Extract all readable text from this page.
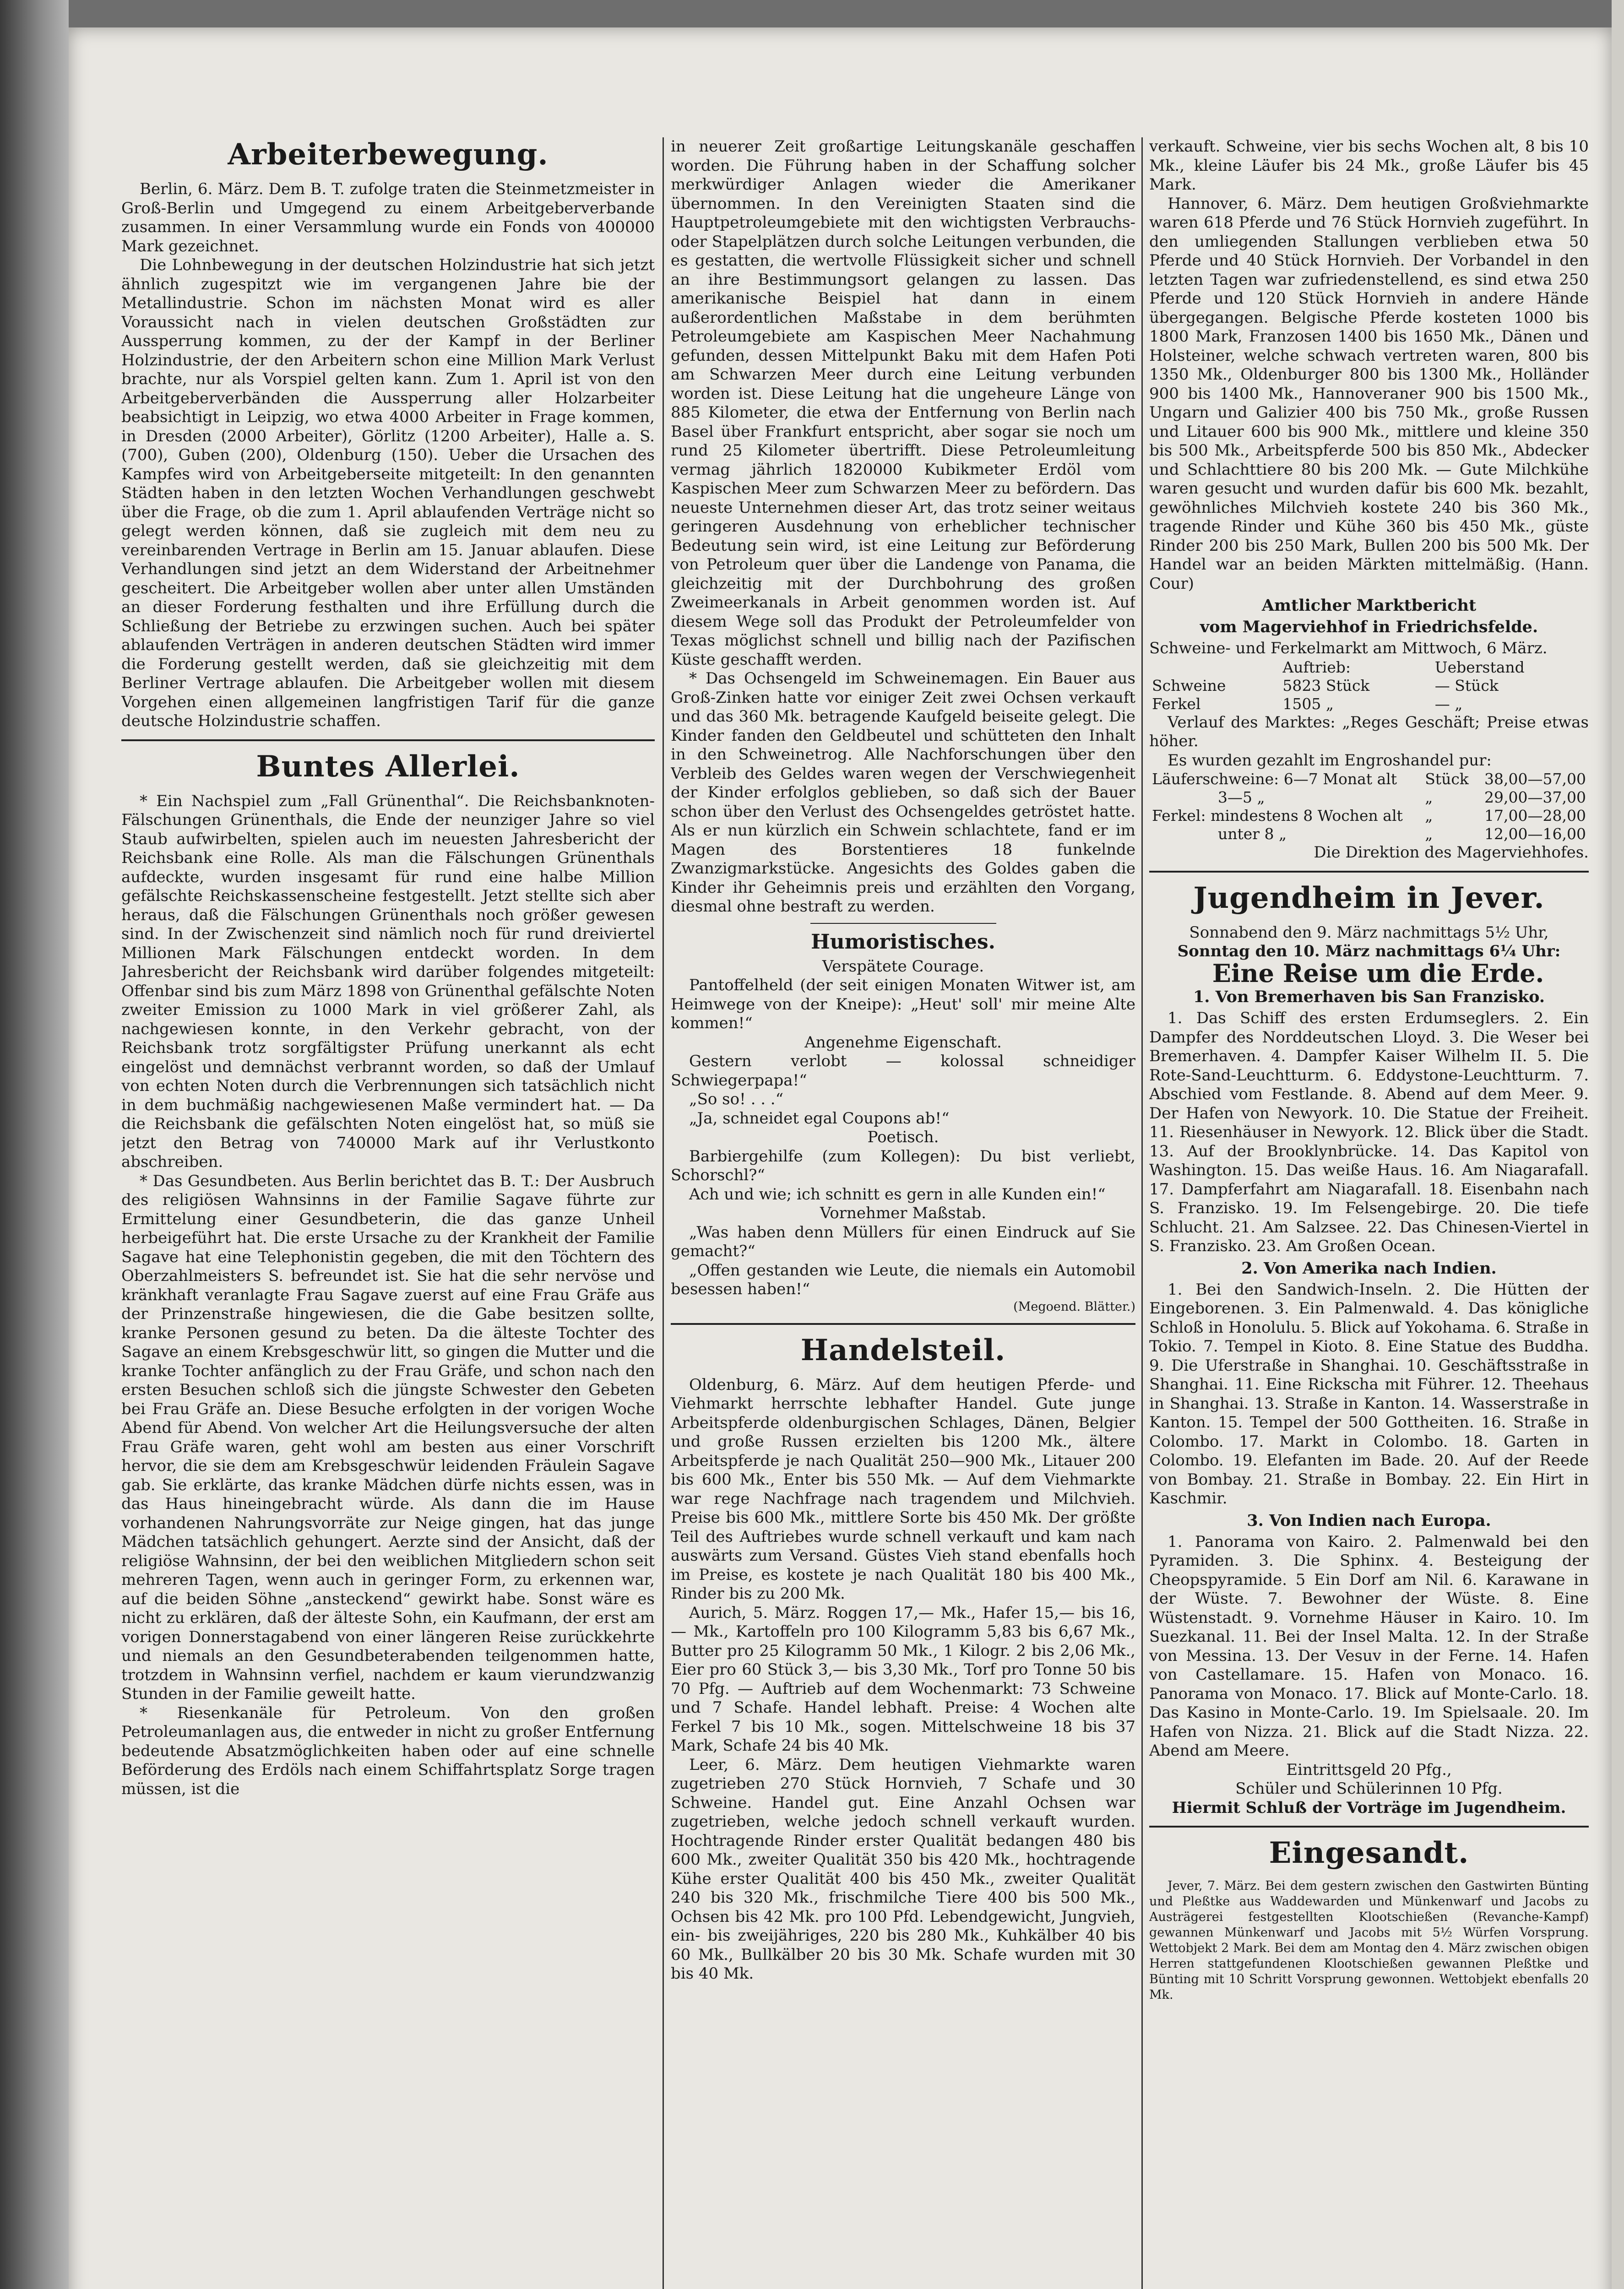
Arbeiterbewegung.

Berlin, 6. März. Dem B. T. zufolge traten die Steinmetzmeister in Groß-Berlin und Umgegend zu einem Arbeitgeberverbande zusammen. In einer Versammlung wurde ein Fonds von 400000 Mark gezeichnet.

Die Lohnbewegung in der deutschen Holzindustrie hat sich jetzt ähnlich zugespitzt wie im vergangenen Jahre bie der Metallindustrie. Schon im nächsten Monat wird es aller Voraussicht nach in vielen deutschen Großstädten zur Aussperrung kommen, zu der der Kampf in der Berliner Holzindustrie, der den Arbeitern schon eine Million Mark Verlust brachte, nur als Vorspiel gelten kann. Zum 1. April ist von den Arbeitgeberverbänden die Aussperrung aller Holzarbeiter beabsichtigt in Leipzig, wo etwa 4000 Arbeiter in Frage kommen, in Dresden (2000 Arbeiter), Görlitz (1200 Arbeiter), Halle a. S. (700), Guben (200), Oldenburg (150). Ueber die Ursachen des Kampfes wird von Arbeitgeberseite mitgeteilt: In den genannten Städten haben in den letzten Wochen Verhandlungen geschwebt über die Frage, ob die zum 1. April ablaufenden Verträge nicht so gelegt werden können, daß sie zugleich mit dem neu zu vereinbarenden Vertrage in Berlin am 15. Januar ablaufen. Diese Verhandlungen sind jetzt an dem Widerstand der Arbeitnehmer gescheitert. Die Arbeitgeber wollen aber unter allen Umständen an dieser Forderung festhalten und ihre Erfüllung durch die Schließung der Betriebe zu erzwingen suchen. Auch bei später ablaufenden Verträgen in anderen deutschen Städten wird immer die Forderung gestellt werden, daß sie gleichzeitig mit dem Berliner Vertrage ablaufen. Die Arbeitgeber wollen mit diesem Vorgehen einen allgemeinen langfristigen Tarif für die ganze deutsche Holzindustrie schaffen.

Buntes Allerlei.

* Ein Nachspiel zum „Fall Grünenthal“. Die Reichsbanknoten-Fälschungen Grünenthals, die Ende der neunziger Jahre so viel Staub aufwirbelten, spielen auch im neuesten Jahresbericht der Reichsbank eine Rolle. Als man die Fälschungen Grünenthals aufdeckte, wurden insgesamt für rund eine halbe Million gefälschte Reichskassenscheine festgestellt. Jetzt stellte sich aber heraus, daß die Fälschungen Grünenthals noch größer gewesen sind. In der Zwischenzeit sind nämlich noch für rund dreiviertel Millionen Mark Fälschungen entdeckt worden. In dem Jahresbericht der Reichsbank wird darüber folgendes mitgeteilt: Offenbar sind bis zum März 1898 von Grünenthal gefälschte Noten zweiter Emission zu 1000 Mark in viel größerer Zahl, als nachgewiesen konnte, in den Verkehr gebracht, von der Reichsbank trotz sorgfältigster Prüfung unerkannt als echt eingelöst und demnächst verbrannt worden, so daß der Umlauf von echten Noten durch die Verbrennungen sich tatsächlich nicht in dem buchmäßig nachgewiesenen Maße vermindert hat. — Da die Reichsbank die gefälschten Noten eingelöst hat, so müß sie jetzt den Betrag von 740000 Mark auf ihr Verlustkonto abschreiben.

* Das Gesundbeten. Aus Berlin berichtet das B. T.: Der Ausbruch des religiösen Wahnsinns in der Familie Sagave führte zur Ermittelung einer Gesundbeterin, die das ganze Unheil herbeigeführt hat. Die erste Ursache zu der Krankheit der Familie Sagave hat eine Telephonistin gegeben, die mit den Töchtern des Oberzahlmeisters S. befreundet ist. Sie hat die sehr nervöse und kränkhaft veranlagte Frau Sagave zuerst auf eine Frau Gräfe aus der Prinzenstraße hingewiesen, die die Gabe besitzen sollte, kranke Personen gesund zu beten. Da die älteste Tochter des Sagave an einem Krebsgeschwür litt, so gingen die Mutter und die kranke Tochter anfänglich zu der Frau Gräfe, und schon nach den ersten Besuchen schloß sich die jüngste Schwester den Gebeten bei Frau Gräfe an. Diese Besuche erfolgten in der vorigen Woche Abend für Abend. Von welcher Art die Heilungsversuche der alten Frau Gräfe waren, geht wohl am besten aus einer Vorschrift hervor, die sie dem am Krebsgeschwür leidenden Fräulein Sagave gab. Sie erklärte, das kranke Mädchen dürfe nichts essen, was in das Haus hineingebracht würde. Als dann die im Hause vorhandenen Nahrungsvorräte zur Neige gingen, hat das junge Mädchen tatsächlich gehungert. Aerzte sind der Ansicht, daß der religiöse Wahnsinn, der bei den weiblichen Mitgliedern schon seit mehreren Tagen, wenn auch in geringer Form, zu erkennen war, auf die beiden Söhne „ansteckend“ gewirkt habe. Sonst wäre es nicht zu erklären, daß der älteste Sohn, ein Kaufmann, der erst am vorigen Donnerstagabend von einer längeren Reise zurückkehrte und niemals an den Gesundbeterabenden teilgenommen hatte, trotzdem in Wahnsinn verfiel, nachdem er kaum vierundzwanzig Stunden in der Familie geweilt hatte.

* Riesenkanäle für Petroleum. Von den großen Petroleumanlagen aus, die entweder in nicht zu großer Entfernung bedeutende Absatzmöglichkeiten haben oder auf eine schnelle Beförderung des Erdöls nach einem Schiffahrtsplatz Sorge tragen müssen, ist die

in neuerer Zeit großartige Leitungskanäle geschaffen worden. Die Führung haben in der Schaffung solcher merkwürdiger Anlagen wieder die Amerikaner übernommen. In den Vereinigten Staaten sind die Hauptpetroleumgebiete mit den wichtigsten Verbrauchs- oder Stapelplätzen durch solche Leitungen verbunden, die es gestatten, die wertvolle Flüssigkeit sicher und schnell an ihre Bestimmungsort gelangen zu lassen. Das amerikanische Beispiel hat dann in einem außerordentlichen Maßstabe in dem berühmten Petroleumgebiete am Kaspischen Meer Nachahmung gefunden, dessen Mittelpunkt Baku mit dem Hafen Poti am Schwarzen Meer durch eine Leitung verbunden worden ist. Diese Leitung hat die ungeheure Länge von 885 Kilometer, die etwa der Entfernung von Berlin nach Basel über Frankfurt entspricht, aber sogar sie noch um rund 25 Kilometer übertrifft. Diese Petroleumleitung vermag jährlich 1820000 Kubikmeter Erdöl vom Kaspischen Meer zum Schwarzen Meer zu befördern. Das neueste Unternehmen dieser Art, das trotz seiner weitaus geringeren Ausdehnung von erheblicher technischer Bedeutung sein wird, ist eine Leitung zur Beförderung von Petroleum quer über die Landenge von Panama, die gleichzeitig mit der Durchbohrung des großen Zweimeerkanals in Arbeit genommen worden ist. Auf diesem Wege soll das Produkt der Petroleumfelder von Texas möglichst schnell und billig nach der Pazifischen Küste geschafft werden.

* Das Ochsengeld im Schweinemagen. Ein Bauer aus Groß-Zinken hatte vor einiger Zeit zwei Ochsen verkauft und das 360 Mk. betragende Kaufgeld beiseite gelegt. Die Kinder fanden den Geldbeutel und schütteten den Inhalt in den Schweinetrog. Alle Nachforschungen über den Verbleib des Geldes waren wegen der Verschwiegenheit der Kinder erfolglos geblieben, so daß sich der Bauer schon über den Verlust des Ochsengeldes getröstet hatte. Als er nun kürzlich ein Schwein schlachtete, fand er im Magen des Borstentieres 18 funkelnde Zwanzigmarkstücke. Angesichts des Goldes gaben die Kinder ihr Geheimnis preis und erzählten den Vorgang, diesmal ohne bestraft zu werden.

Humoristisches.

Verspätete Courage.

Pantoffelheld (der seit einigen Monaten Witwer ist, am Heimwege von der Kneipe): „Heut' soll' mir meine Alte kommen!“

Angenehme Eigenschaft.

Gestern verlobt — kolossal schneidiger Schwiegerpapa!“

„So so! . . .“

„Ja, schneidet egal Coupons ab!“

Poetisch.

Barbiergehilfe (zum Kollegen): Du bist verliebt, Schorschl?“

Ach und wie; ich schnitt es gern in alle Kunden ein!“

Vornehmer Maßstab.

„Was haben denn Müllers für einen Eindruck auf Sie gemacht?“

„Offen gestanden wie Leute, die niemals ein Automobil besessen haben!“

(Megoend. Blätter.)

Handelsteil.

Oldenburg, 6. März. Auf dem heutigen Pferde- und Viehmarkt herrschte lebhafter Handel. Gute junge Arbeitspferde oldenburgischen Schlages, Dänen, Belgier und große Russen erzielten bis 1200 Mk., ältere Arbeitspferde je nach Qualität 250—900 Mk., Litauer 200 bis 600 Mk., Enter bis 550 Mk. — Auf dem Viehmarkte war rege Nachfrage nach tragendem und Milchvieh. Preise bis 600 Mk., mittlere Sorte bis 450 Mk. Der größte Teil des Auftriebes wurde schnell verkauft und kam nach auswärts zum Versand. Güstes Vieh stand ebenfalls hoch im Preise, es kostete je nach Qualität 180 bis 400 Mk., Rinder bis zu 200 Mk.

Aurich, 5. März. Roggen 17,— Mk., Hafer 15,— bis 16,— Mk., Kartoffeln pro 100 Kilogramm 5,83 bis 6,67 Mk., Butter pro 25 Kilogramm 50 Mk., 1 Kilogr. 2 bis 2,06 Mk., Eier pro 60 Stück 3,— bis 3,30 Mk., Torf pro Tonne 50 bis 70 Pfg. — Auftrieb auf dem Wochenmarkt: 73 Schweine und 7 Schafe. Handel lebhaft. Preise: 4 Wochen alte Ferkel 7 bis 10 Mk., sogen. Mittelschweine 18 bis 37 Mark, Schafe 24 bis 40 Mk.

Leer, 6. März. Dem heutigen Viehmarkte waren zugetrieben 270 Stück Hornvieh, 7 Schafe und 30 Schweine. Handel gut. Eine Anzahl Ochsen war zugetrieben, welche jedoch schnell verkauft wurden. Hochtragende Rinder erster Qualität bedangen 480 bis 600 Mk., zweiter Qualität 350 bis 420 Mk., hochtragende Kühe erster Qualität 400 bis 450 Mk., zweiter Qualität 240 bis 320 Mk., frischmilche Tiere 400 bis 500 Mk., Ochsen bis 42 Mk. pro 100 Pfd. Lebendgewicht, Jungvieh, ein- bis zweijähriges, 220 bis 280 Mk., Kuhkälber 40 bis 60 Mk., Bullkälber 20 bis 30 Mk. Schafe wurden mit 30 bis 40 Mk.

verkauft. Schweine, vier bis sechs Wochen alt, 8 bis 10 Mk., kleine Läufer bis 24 Mk., große Läufer bis 45 Mark.

Hannover, 6. März. Dem heutigen Großviehmarkte waren 618 Pferde und 76 Stück Hornvieh zugeführt. In den umliegenden Stallungen verblieben etwa 50 Pferde und 40 Stück Hornvieh. Der Vorbandel in den letzten Tagen war zufriedenstellend, es sind etwa 250 Pferde und 120 Stück Hornvieh in andere Hände übergegangen. Belgische Pferde kosteten 1000 bis 1800 Mark, Franzosen 1400 bis 1650 Mk., Dänen und Holsteiner, welche schwach vertreten waren, 800 bis 1350 Mk., Oldenburger 800 bis 1300 Mk., Holländer 900 bis 1400 Mk., Hannoveraner 900 bis 1500 Mk., Ungarn und Galizier 400 bis 750 Mk., große Russen und Litauer 600 bis 900 Mk., mittlere und kleine 350 bis 500 Mk., Arbeitspferde 500 bis 850 Mk., Abdecker und Schlachttiere 80 bis 200 Mk. — Gute Milchkühe waren gesucht und wurden dafür bis 600 Mk. bezahlt, gewöhnliches Milchvieh kostete 240 bis 360 Mk., tragende Rinder und Kühe 360 bis 450 Mk., güste Rinder 200 bis 250 Mark, Bullen 200 bis 500 Mk. Der Handel war an beiden Märkten mittelmäßig. (Hann. Cour)

Amtlicher Marktbericht
vom Magerviehhof in Friedrichsfelde.

Schweine- und Ferkelmarkt am Mittwoch, 6 März.

	Auftrieb:	Ueberstand
Schweine	5823 Stück	— Stück
Ferkel	1505 „	— „

Verlauf des Marktes: „Reges Geschäft; Preise etwas höher.

Es wurden gezahlt im Engroshandel pur:

Läuferschweine: 6—7 Monat alt	Stück	38,00—57,00
3—5 „	„	29,00—37,00
Ferkel: mindestens 8 Wochen alt	„	17,00—28,00
unter 8 „	„	12,00—16,00

Die Direktion des Magerviehhofes.

Jugendheim in Jever.

Sonnabend den 9. März nachmittags 5½ Uhr,

Sonntag den 10. März nachmittags 6¼ Uhr:

Eine Reise um die Erde.

1. Von Bremerhaven bis San Franzisko.

1. Das Schiff des ersten Erdumseglers. 2. Ein Dampfer des Norddeutschen Lloyd. 3. Die Weser bei Bremerhaven. 4. Dampfer Kaiser Wilhelm II. 5. Die Rote-Sand-Leuchtturm. 6. Eddystone-Leuchtturm. 7. Abschied vom Festlande. 8. Abend auf dem Meer. 9. Der Hafen von Newyork. 10. Die Statue der Freiheit. 11. Riesenhäuser in Newyork. 12. Blick über die Stadt. 13. Auf der Brooklynbrücke. 14. Das Kapitol von Washington. 15. Das weiße Haus. 16. Am Niagarafall. 17. Dampferfahrt am Niagarafall. 18. Eisenbahn nach S. Franzisko. 19. Im Felsengebirge. 20. Die tiefe Schlucht. 21. Am Salzsee. 22. Das Chinesen-Viertel in S. Franzisko. 23. Am Großen Ocean.

2. Von Amerika nach Indien.

1. Bei den Sandwich-Inseln. 2. Die Hütten der Eingeborenen. 3. Ein Palmenwald. 4. Das königliche Schloß in Honolulu. 5. Blick auf Yokohama. 6. Straße in Tokio. 7. Tempel in Kioto. 8. Eine Statue des Buddha. 9. Die Uferstraße in Shanghai. 10. Geschäftsstraße in Shanghai. 11. Eine Rickscha mit Führer. 12. Theehaus in Shanghai. 13. Straße in Kanton. 14. Wasserstraße in Kanton. 15. Tempel der 500 Gottheiten. 16. Straße in Colombo. 17. Markt in Colombo. 18. Garten in Colombo. 19. Elefanten im Bade. 20. Auf der Reede von Bombay. 21. Straße in Bombay. 22. Ein Hirt in Kaschmir.

3. Von Indien nach Europa.

1. Panorama von Kairo. 2. Palmenwald bei den Pyramiden. 3. Die Sphinx. 4. Besteigung der Cheopspyramide. 5 Ein Dorf am Nil. 6. Karawane in der Wüste. 7. Bewohner der Wüste. 8. Eine Wüstenstadt. 9. Vornehme Häuser in Kairo. 10. Im Suezkanal. 11. Bei der Insel Malta. 12. In der Straße von Messina. 13. Der Vesuv in der Ferne. 14. Hafen von Castellamare. 15. Hafen von Monaco. 16. Panorama von Monaco. 17. Blick auf Monte-Carlo. 18. Das Kasino in Monte-Carlo. 19. Im Spielsaale. 20. Im Hafen von Nizza. 21. Blick auf die Stadt Nizza. 22. Abend am Meere.

Eintrittsgeld 20 Pfg.,

Schüler und Schülerinnen 10 Pfg.

Hiermit Schluß der Vorträge im Jugendheim.

Eingesandt.

Jever, 7. März. Bei dem gestern zwischen den Gastwirten Bünting und Pleßtke aus Waddewarden und Münkenwarf und Jacobs zu Austrägerei festgestellten Klootschießen (Revanche-Kampf) gewannen Münkenwarf und Jacobs mit 5½ Würfen Vorsprung. Wettobjekt 2 Mark. Bei dem am Montag den 4. März zwischen obigen Herren stattgefundenen Klootschießen gewannen Pleßtke und Bünting mit 10 Schritt Vorsprung gewonnen. Wettobjekt ebenfalls 20 Mk.
